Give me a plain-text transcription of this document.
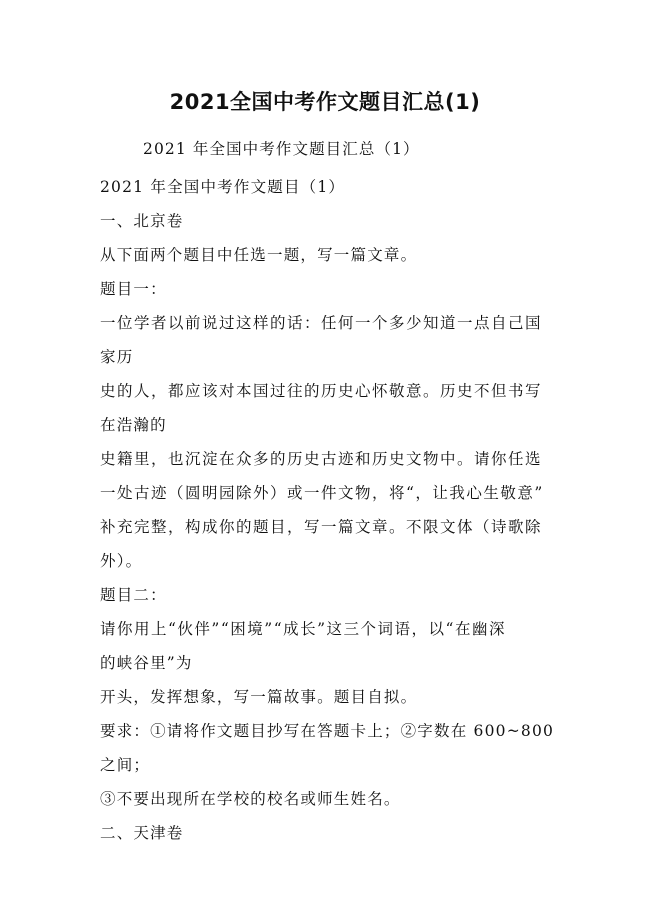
2021全国中考作文题目汇总(1)
2021 年全国中考作文题目汇总（1）
2021 年全国中考作文题目（1）
一、北京卷
从下面两个题目中任选一题，写一篇文章。
题目一：
一位学者以前说过这样的话：任何一个多少知道一点自己国
家历
史的人，都应该对本国过往的历史心怀敬意。历史不但书写
在浩瀚的
史籍里，也沉淀在众多的历史古迹和历史文物中。请你任选
一处古迹（圆明园除外）或一件文物，将“，让我心生敬意”
补充完整，构成你的题目，写一篇文章。不限文体（诗歌除
外）。
题目二：
请你用上“伙伴”“困境”“成长”这三个词语，以“在幽深
的峡谷里”为
开头，发挥想象，写一篇故事。题目自拟。
要求：①请将作文题目抄写在答题卡上；②字数在 600~800
之间；
③不要出现所在学校的校名或师生姓名。
二、天津卷
